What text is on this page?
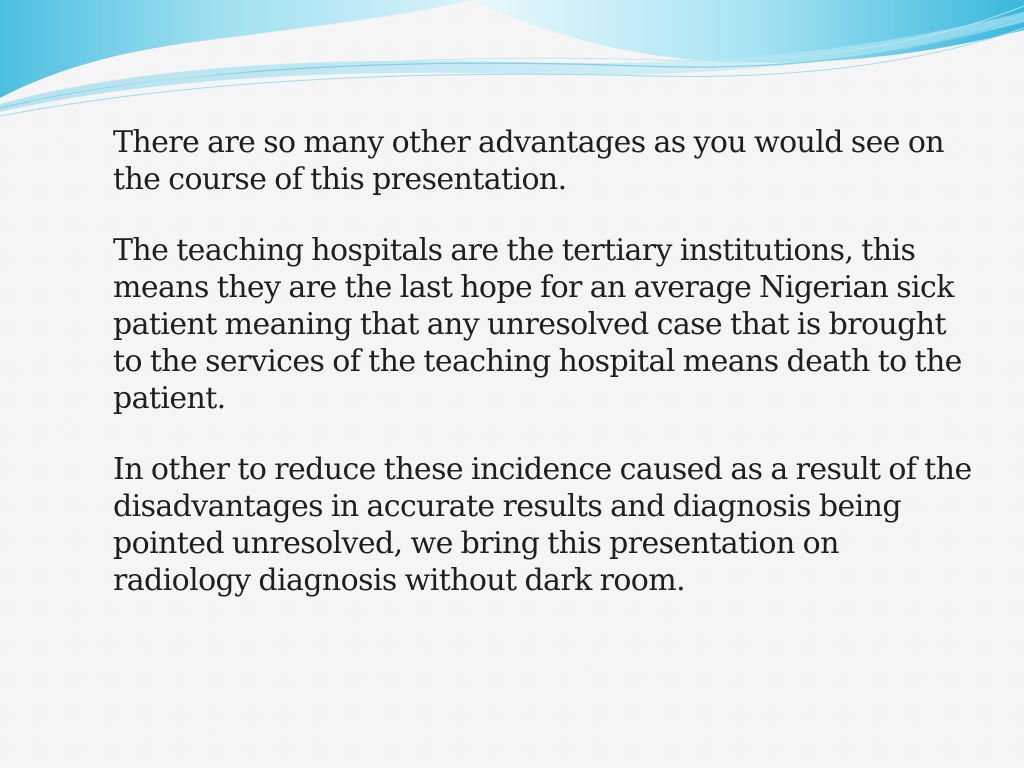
There are so many other advantages as you would see on the course of this presentation.

The teaching hospitals are the tertiary institutions, this means they are the last hope for an average Nigerian sick patient meaning that any unresolved case that is brought to the services of the teaching hospital means death to the patient.

In other to reduce these incidence caused as a result of the disadvantages in accurate results and diagnosis being pointed unresolved, we bring this presentation on radiology diagnosis without dark room.
